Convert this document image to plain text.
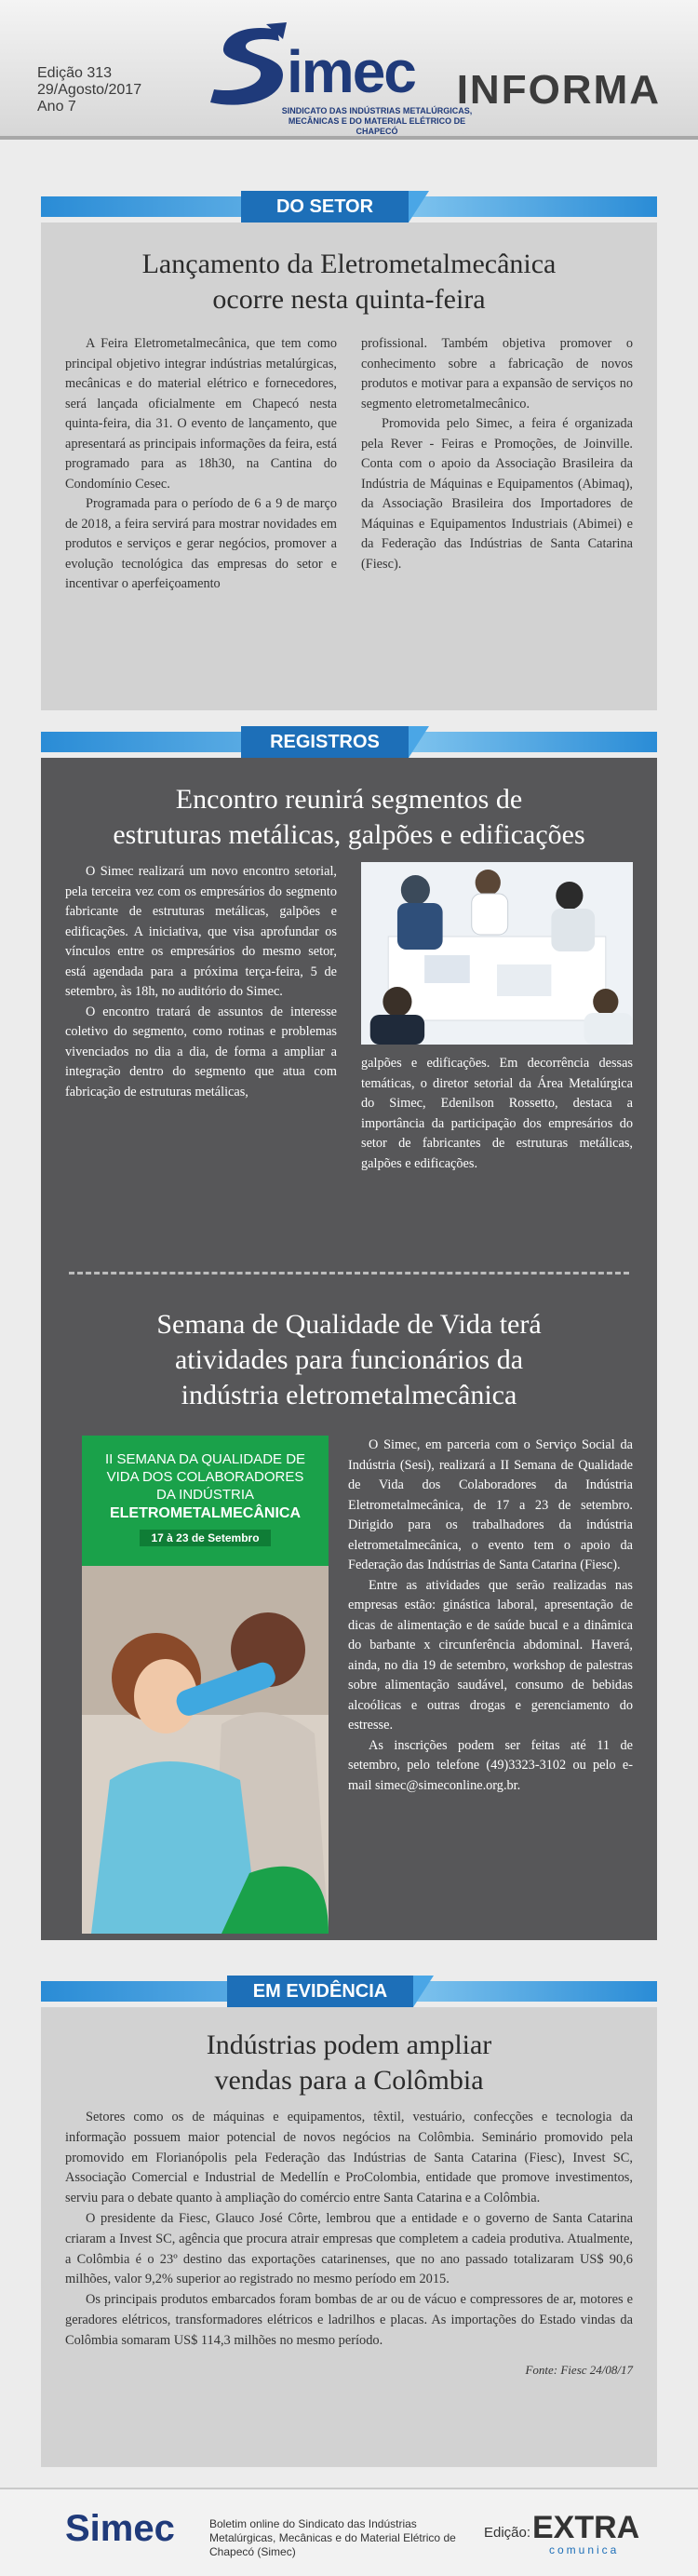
Edição 313
29/Agosto/2017
Ano 7
imec
SINDICATO DAS INDÚSTRIAS METALÚRGICAS, MECÂNICAS E DO MATERIAL ELÉTRICO DE CHAPECÓ
INFORMA
DO SETOR
Lançamento da Eletrometalmecânica
ocorre nesta quinta-feira

A Feira Eletrometalmecânica, que tem como principal objetivo integrar indústrias metalúrgicas, mecânicas e do material elétrico e fornecedores, será lançada oficialmente em Chapecó nesta quinta-feira, dia 31. O evento de lançamento, que apresentará as principais informações da feira, está programado para as 18h30, na Cantina do Condomínio Cesec.

Programada para o período de 6 a 9 de março de 2018, a feira servirá para mostrar novidades em produtos e serviços e gerar negócios, promover a evolução tecnológica das empresas do setor e incentivar o aperfeiçoamento

profissional. Também objetiva promover o conhecimento sobre a fabricação de novos produtos e motivar para a expansão de serviços no segmento eletrometalmecânico.

Promovida pelo Simec, a feira é organizada pela Rever - Feiras e Promoções, de Joinville. Conta com o apoio da Associação Brasileira da Indústria de Máquinas e Equipamentos (Abimaq), da Associação Brasileira dos Importadores de Máquinas e Equipamentos Industriais (Abimei) e da Federação das Indústrias de Santa Catarina (Fiesc).

REGISTROS
Encontro reunirá segmentos de
estruturas metálicas, galpões e edificações

O Simec realizará um novo encontro setorial, pela terceira vez com os empresários do segmento fabricante de estruturas metálicas, galpões e edificações. A iniciativa, que visa aprofundar os vínculos entre os empresários do mesmo setor, está agendada para a próxima terça-feira, 5 de setembro, às 18h, no auditório do Simec.

O encontro tratará de assuntos de interesse coletivo do segmento, como rotinas e problemas vivenciados no dia a dia, de forma a ampliar a integração dentro do segmento que atua com fabricação de estruturas metálicas,

galpões e edificações. Em decorrência dessas temáticas, o diretor setorial da Área Metalúrgica do Simec, Edenilson Rossetto, destaca a importância da participação dos empresários do setor de fabricantes de estruturas metálicas, galpões e edificações.

Semana de Qualidade de Vida terá
atividades para funcionários da
indústria eletrometalmecânica
II SEMANA DA QUALIDADE DE
VIDA DOS COLABORADORES
DA INDÚSTRIA
ELETROMETALMECÂNICA
17 à 23 de Setembro

O Simec, em parceria com o Serviço Social da Indústria (Sesi), realizará a II Semana de Qualidade de Vida dos Colaboradores da Indústria Eletrometalmecânica, de 17 a 23 de setembro. Dirigido para os trabalhadores da indústria eletrometalmecânica, o evento tem o apoio da Federação das Indústrias de Santa Catarina (Fiesc).

Entre as atividades que serão realizadas nas empresas estão: ginástica laboral, apresentação de dicas de alimentação e de saúde bucal e a dinâmica do barbante x circunferência abdominal. Haverá, ainda, no dia 19 de setembro, workshop de palestras sobre alimentação saudável, consumo de bebidas alcoólicas e outras drogas e gerenciamento do estresse.

As inscrições podem ser feitas até 11 de setembro, pelo telefone (49)3323-3102 ou pelo e-mail simec@simeconline.org.br.

EM EVIDÊNCIA
Indústrias podem ampliar
vendas para a Colômbia

Setores como os de máquinas e equipamentos, têxtil, vestuário, confecções e tecnologia da informação possuem maior potencial de novos negócios na Colômbia. Seminário promovido pela promovido em Florianópolis pela Federação das Indústrias de Santa Catarina (Fiesc), Invest SC, Associação Comercial e Industrial de Medellín e ProColombia, entidade que promove investimentos, serviu para o debate quanto à ampliação do comércio entre Santa Catarina e a Colômbia.

O presidente da Fiesc, Glauco José Côrte, lembrou que a entidade e o governo de Santa Catarina criaram a Invest SC, agência que procura atrair empresas que completem a cadeia produtiva. Atualmente, a Colômbia é o 23º destino das exportações catarinenses, que no ano passado totalizaram US$ 90,6 milhões, valor 9,2% superior ao registrado no mesmo período em 2015.

Os principais produtos embarcados foram bombas de ar ou de vácuo e compressores de ar, motores e geradores elétricos, transformadores elétricos e ladrilhos e placas. As importações do Estado vindas da Colômbia somaram US$ 114,3 milhões no mesmo período.

Fonte: Fiesc 24/08/17
Simec	Boletim online do Sindicato das Indústrias Metalúrgicas, Mecânicas e do Material Elétrico de Chapecó (Simec)
Edição: EXTRA
comunica
